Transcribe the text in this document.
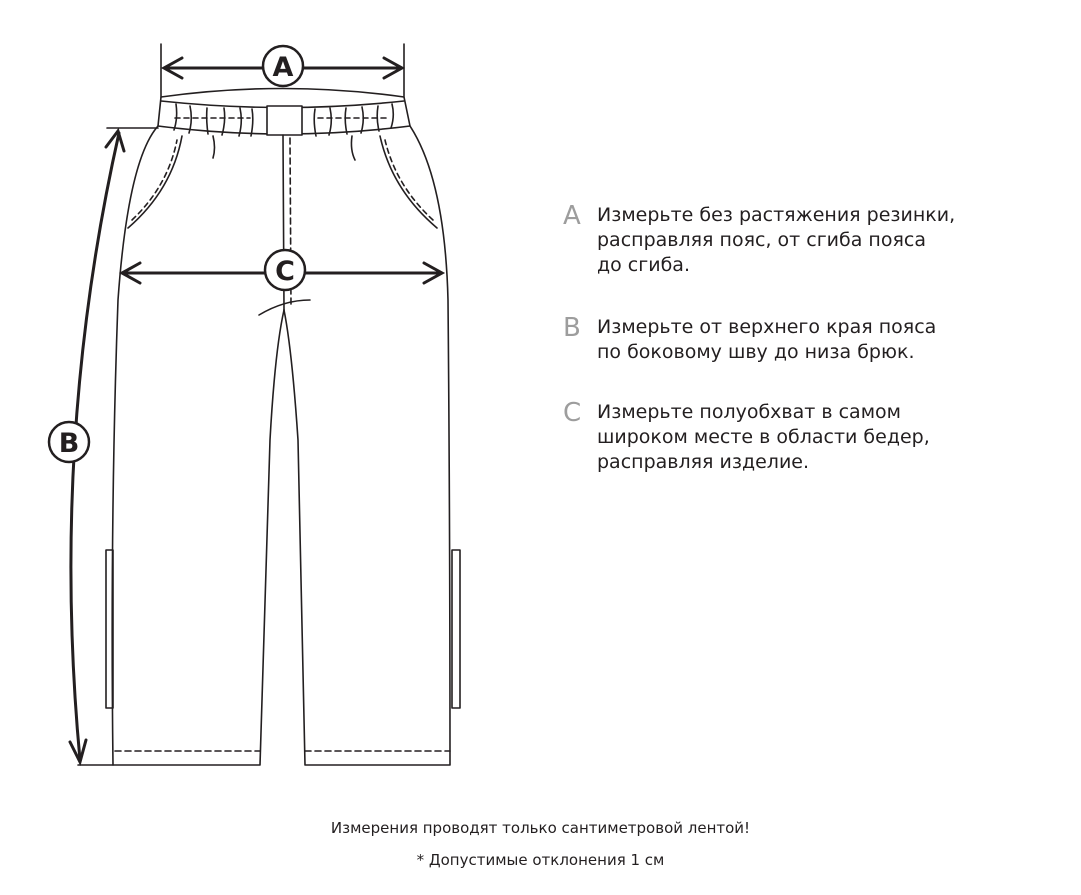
A
C
B
A Измерьте без растяжения резинки,
расправляя пояс, от сгиба пояса
до сгиба.
B Измерьте от верхнего края пояса
по боковому шву до низа брюк.
C Измерьте полуобхват в самом
широком месте в области бедер,
расправляя изделие.
Измерения проводят только сантиметровой лентой!
* Допустимые отклонения 1 см
